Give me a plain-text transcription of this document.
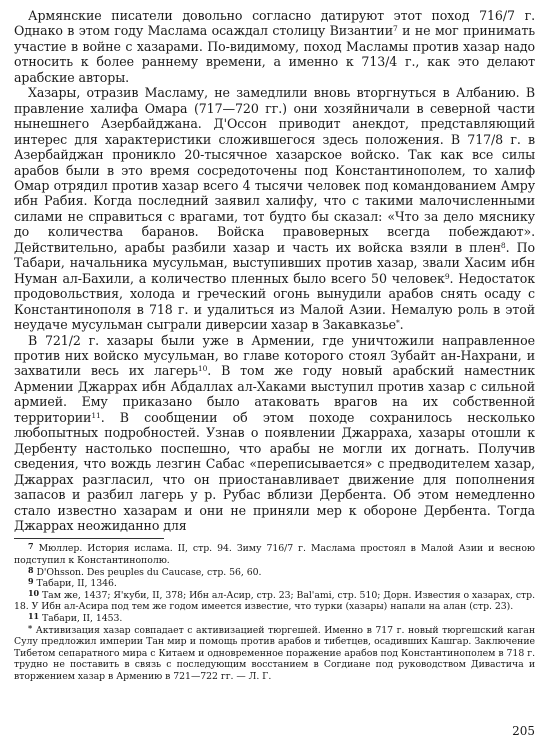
Армянские писатели довольно согласно датируют этот поход 716/7 г. Однако в этом году Маслама осаждал столицу Византии$^7$ и не мог принимать участие в войне с хазарами. По-видимому, поход Масламы против хазар надо относить к более раннему времени, а именно к 713/4 г., как это делают арабские авторы.

Хазары, отразив Масламу, не замедлили вновь вторгнуться в Албанию. В правление халифа Омара (717—720 гг.) они хозяйничали в северной части нынешнего Азербайджана. Д'Оссон приводит анекдот, представляющий интерес для характеристики сложившегося здесь положения. В 717/8 г. в Азербайджан проникло 20-тысячное хазарское войско. Так как все силы арабов были в это время сосредоточены под Константинополем, то халиф Омар отрядил против хазар всего 4 тысячи человек под командованием Амру ибн Рабия. Когда последний заявил халифу, что с такими малочисленными силами не справиться с врагами, тот будто бы сказал: «Что за дело мяснику до количества баранов. Войска правоверных всегда побеждают». Действительно, арабы разбили хазар и часть их войска взяли в плен$^8$. По Табари, начальника мусульман, выступивших против хазар, звали Хасим ибн Нуман ал-Бахили, а количество пленных было всего 50 человек$^9$. Недостаток продовольствия, холода и греческий огонь вынудили арабов снять осаду с Константинополя в 718 г. и удалиться из Малой Азии. Немалую роль в этой неудаче мусульман сыграли диверсии хазар в Закавказье*.

В 721/2 г. хазары были уже в Армении, где уничтожили направленное против них войско мусульман, во главе которого стоял Зубайт ан-Нахрани, и захватили весь их лагерь$^{10}$. В том же году новый арабский наместник Армении Джаррах ибн Абдаллах ал-Хаками выступил против хазар с сильной армией. Ему приказано было атаковать врагов на их собственной территории$^{11}$. В сообщении об этом походе сохранилось несколько любопытных подробностей. Узнав о появлении Джарраха, хазары отошли к Дербенту настолько поспешно, что арабы не могли их догнать. Получив сведения, что вождь лезгин Сабас «переписывается» с предводителем хазар, Джаррах разгласил, что он приостанавливает движение для пополнения запасов и разбил лагерь у р. Рубас вблизи Дербента. Об этом немедленно стало известно хазарам и они не приняли мер к обороне Дербента. Тогда Джаррах неожиданно для

7 Мюллер. История ислама. II, стр. 94. Зиму 716/7 г. Маслама простоял в Малой Азии и весною подступил к Константинополю.

8 D'Ohsson. Des peuples du Caucase, стр. 56, 60.

9 Табари, II, 1346.

10 Там же, 1437; Я'куби, II, 378; Ибн ал-Асир, стр. 23; Bal'ami, стр. 510; Дорн. Известия о хазарах, стр. 18. У Ибн ал-Асира под тем же годом имеется известие, что турки (хазары) напали на алан (стр. 23).

11 Табари, II, 1453.

* Активизация хазар совпадает с активизацией тюргешей. Именно в 717 г. новый тюргешский каган Сулу предложил империи Тан мир и помощь против арабов и тибетцев, осадивших Кашгар. Заключение Тибетом сепаратного мира с Китаем и одновременное поражение арабов под Константинополем в 718 г. трудно не поставить в связь с последующим восстанием в Согдиане под руководством Дивастича и вторжением хазар в Армению в 721—722 гг. — Л. Г.

205
